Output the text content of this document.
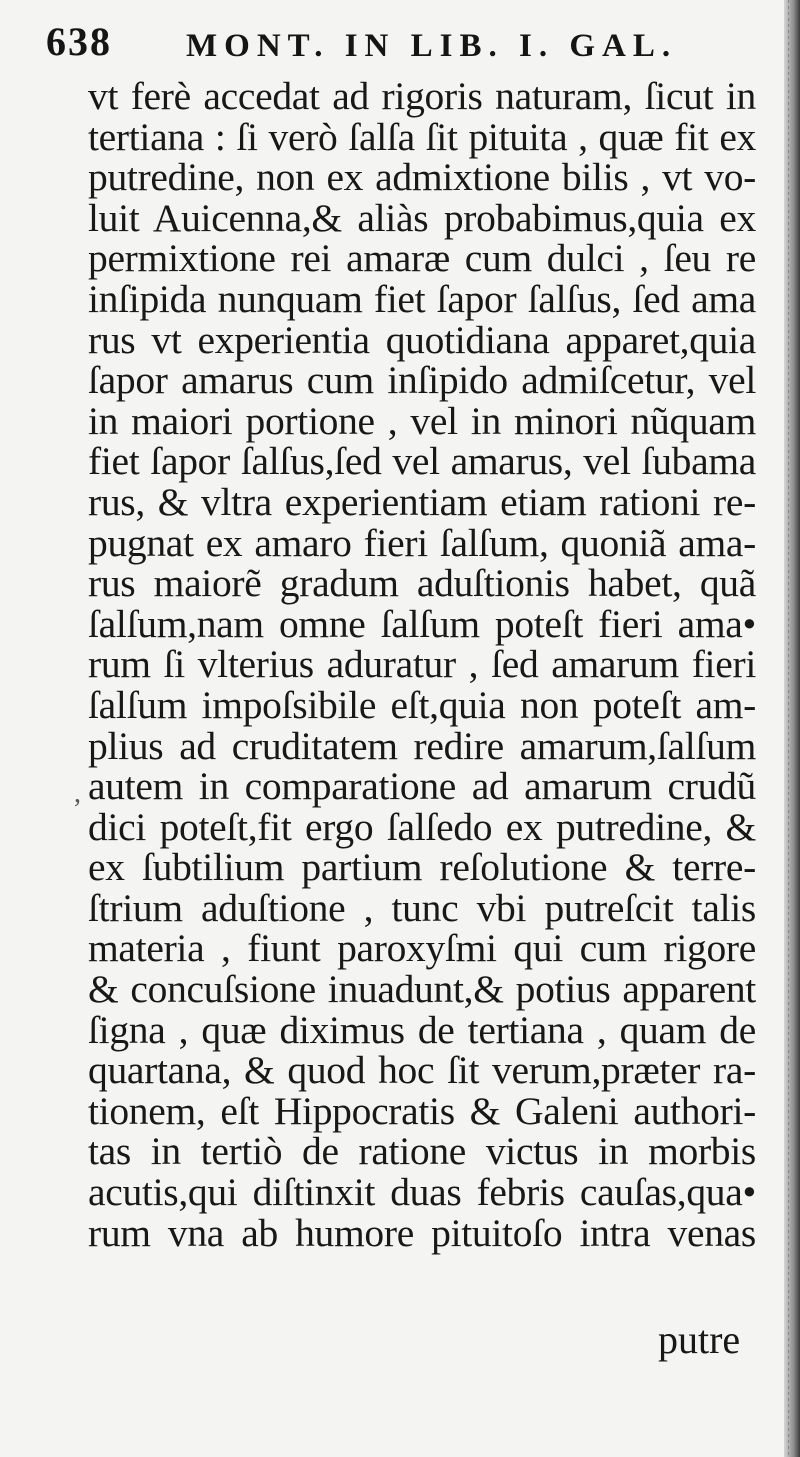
638 MONT. IN LIB. I. GAL.
,
vt ferè accedat ad rigoris naturam, ſicut in
tertiana : ſi verò ſalſa ſit pituita , quæ fit ex
putredine, non ex admixtione bilis , vt vo-
luit Auicenna,& aliàs probabimus,quia ex
permixtione rei amaræ cum dulci , ſeu re
inſipida nunquam fiet ſapor ſalſus, ſed ama
rus vt experientia quotidiana apparet,quia
ſapor amarus cum inſipido admiſcetur, vel
in maiori portione , vel in minori nũquam
fiet ſapor ſalſus,ſed vel amarus, vel ſubama
rus, & vltra experientiam etiam rationi re-
pugnat ex amaro fieri ſalſum, quoniã ama-
rus maiorẽ gradum aduſtionis habet, quã
ſalſum,nam omne ſalſum poteſt fieri ama•
rum ſi vlterius aduratur , ſed amarum fieri
ſalſum impoſsibile eſt,quia non poteſt am-
plius ad cruditatem redire amarum,ſalſum
autem in comparatione ad amarum crudũ
dici poteſt,fit ergo ſalſedo ex putredine, &
ex ſubtilium partium reſolutione & terre-
ſtrium aduſtione , tunc vbi putreſcit talis
materia , fiunt paroxyſmi qui cum rigore
& concuſsione inuadunt,& potius apparent
ſigna , quæ diximus de tertiana , quam de
quartana, & quod hoc ſit verum,præter ra-
tionem, eſt Hippocratis & Galeni authori-
tas in tertiò de ratione victus in morbis
acutis,qui diſtinxit duas febris cauſas,qua•
rum vna ab humore pituitoſo intra venas
putre
